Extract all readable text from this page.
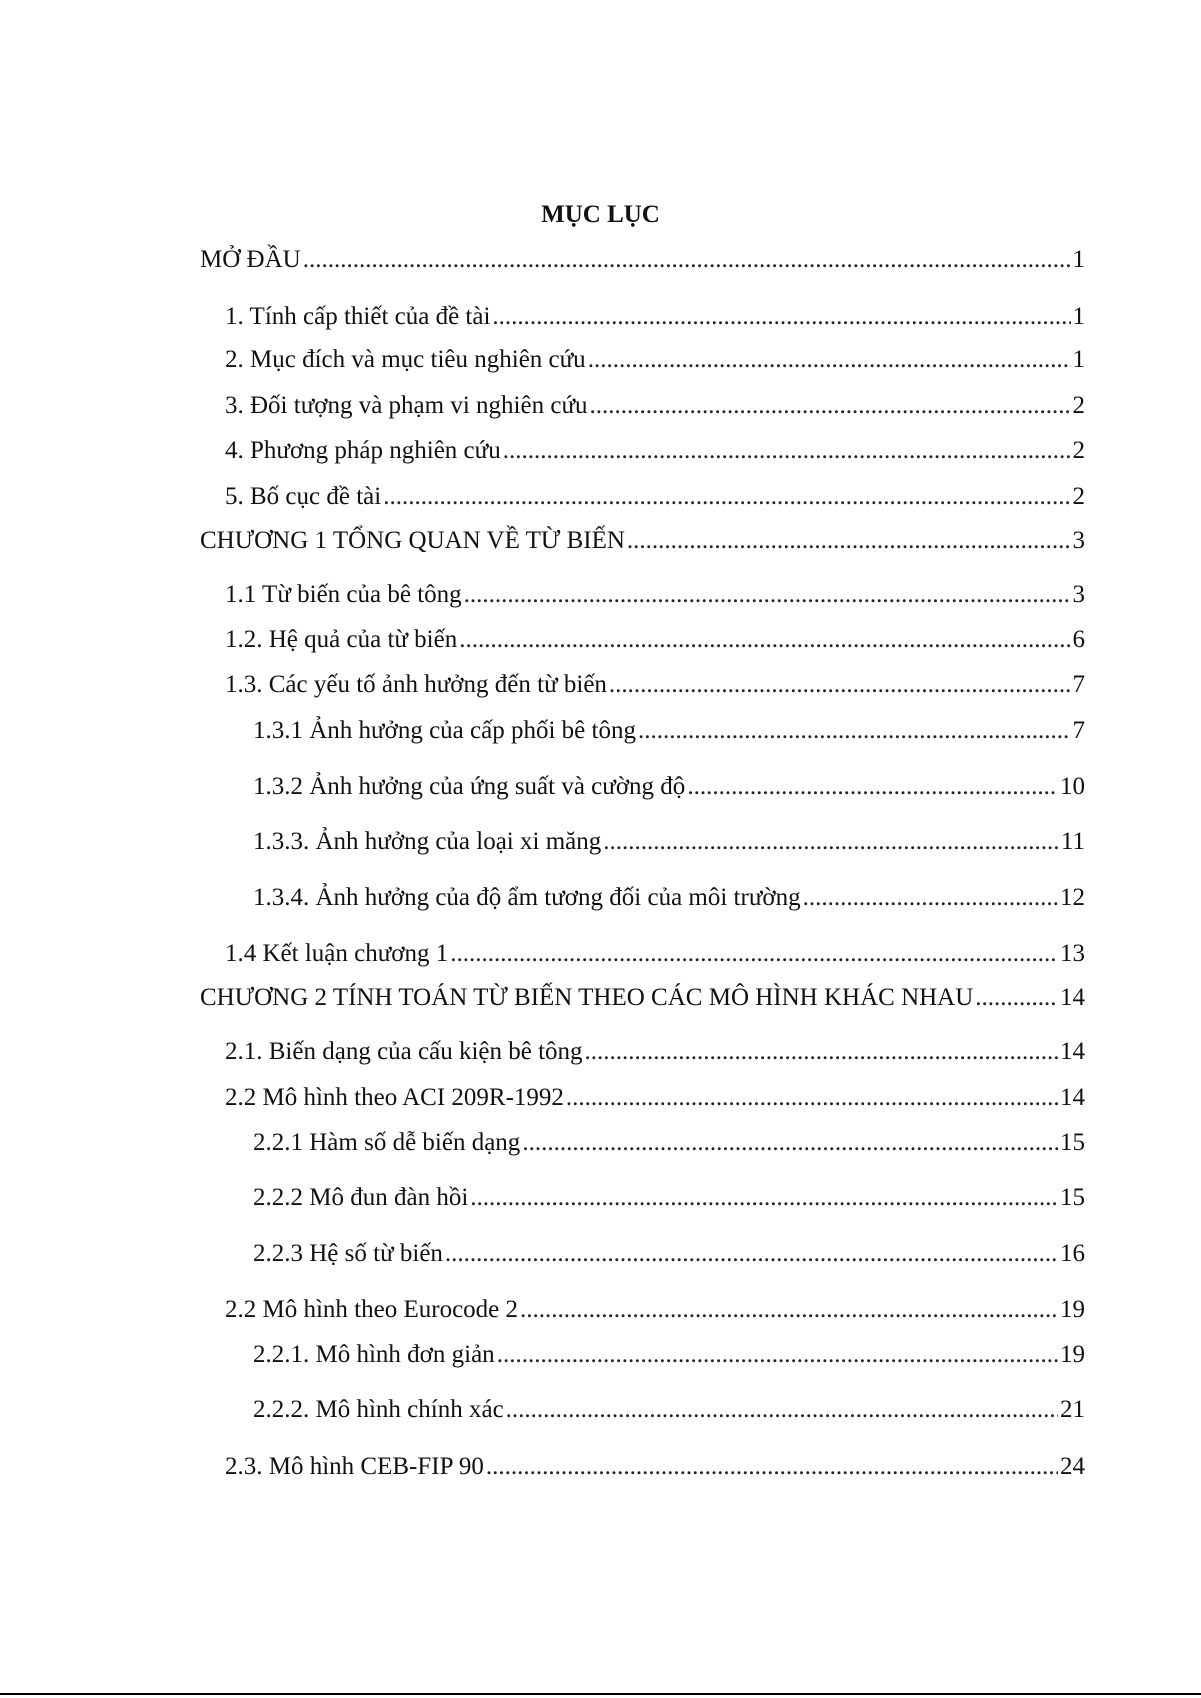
MỤC LỤC
MỞ ĐẦU .....	1
1. Tính cấp thiết của đề tài .....	1
2. Mục đích và mục tiêu nghiên cứu .....	1
3. Đối tượng và phạm vi nghiên cứu .....	2
4. Phương pháp nghiên cứu .....	2
5. Bố cục đề tài .....	2
CHƯƠNG 1 TỔNG QUAN VỀ TỪ BIẾN .....	3
1.1 Từ biến của bê tông .....	3
1.2. Hệ quả của từ biến .....	6
1.3. Các yếu tố ảnh hưởng đến từ biến .....	7
1.3.1 Ảnh hưởng của cấp phối bê tông .....	7
1.3.2 Ảnh hưởng của ứng suất và cường độ .....	10
1.3.3. Ảnh hưởng của loại xi măng .....	11
1.3.4. Ảnh hưởng của độ ẩm tương đối của môi trường .....	12
1.4 Kết luận chương 1 .....	13
CHƯƠNG 2 TÍNH TOÁN TỪ BIẾN THEO CÁC MÔ HÌNH KHÁC NHAU .....	14
2.1. Biến dạng của cấu kiện bê tông .....	14
2.2 Mô hình theo ACI 209R-1992 .....	14
2.2.1 Hàm số dễ biến dạng .....	15
2.2.2 Mô đun đàn hồi .....	15
2.2.3 Hệ số từ biến .....	16
2.2 Mô hình theo Eurocode 2 .....	19
2.2.1. Mô hình đơn giản .....	19
2.2.2. Mô hình chính xác .....	21
2.3. Mô hình CEB-FIP 90 .....	24
